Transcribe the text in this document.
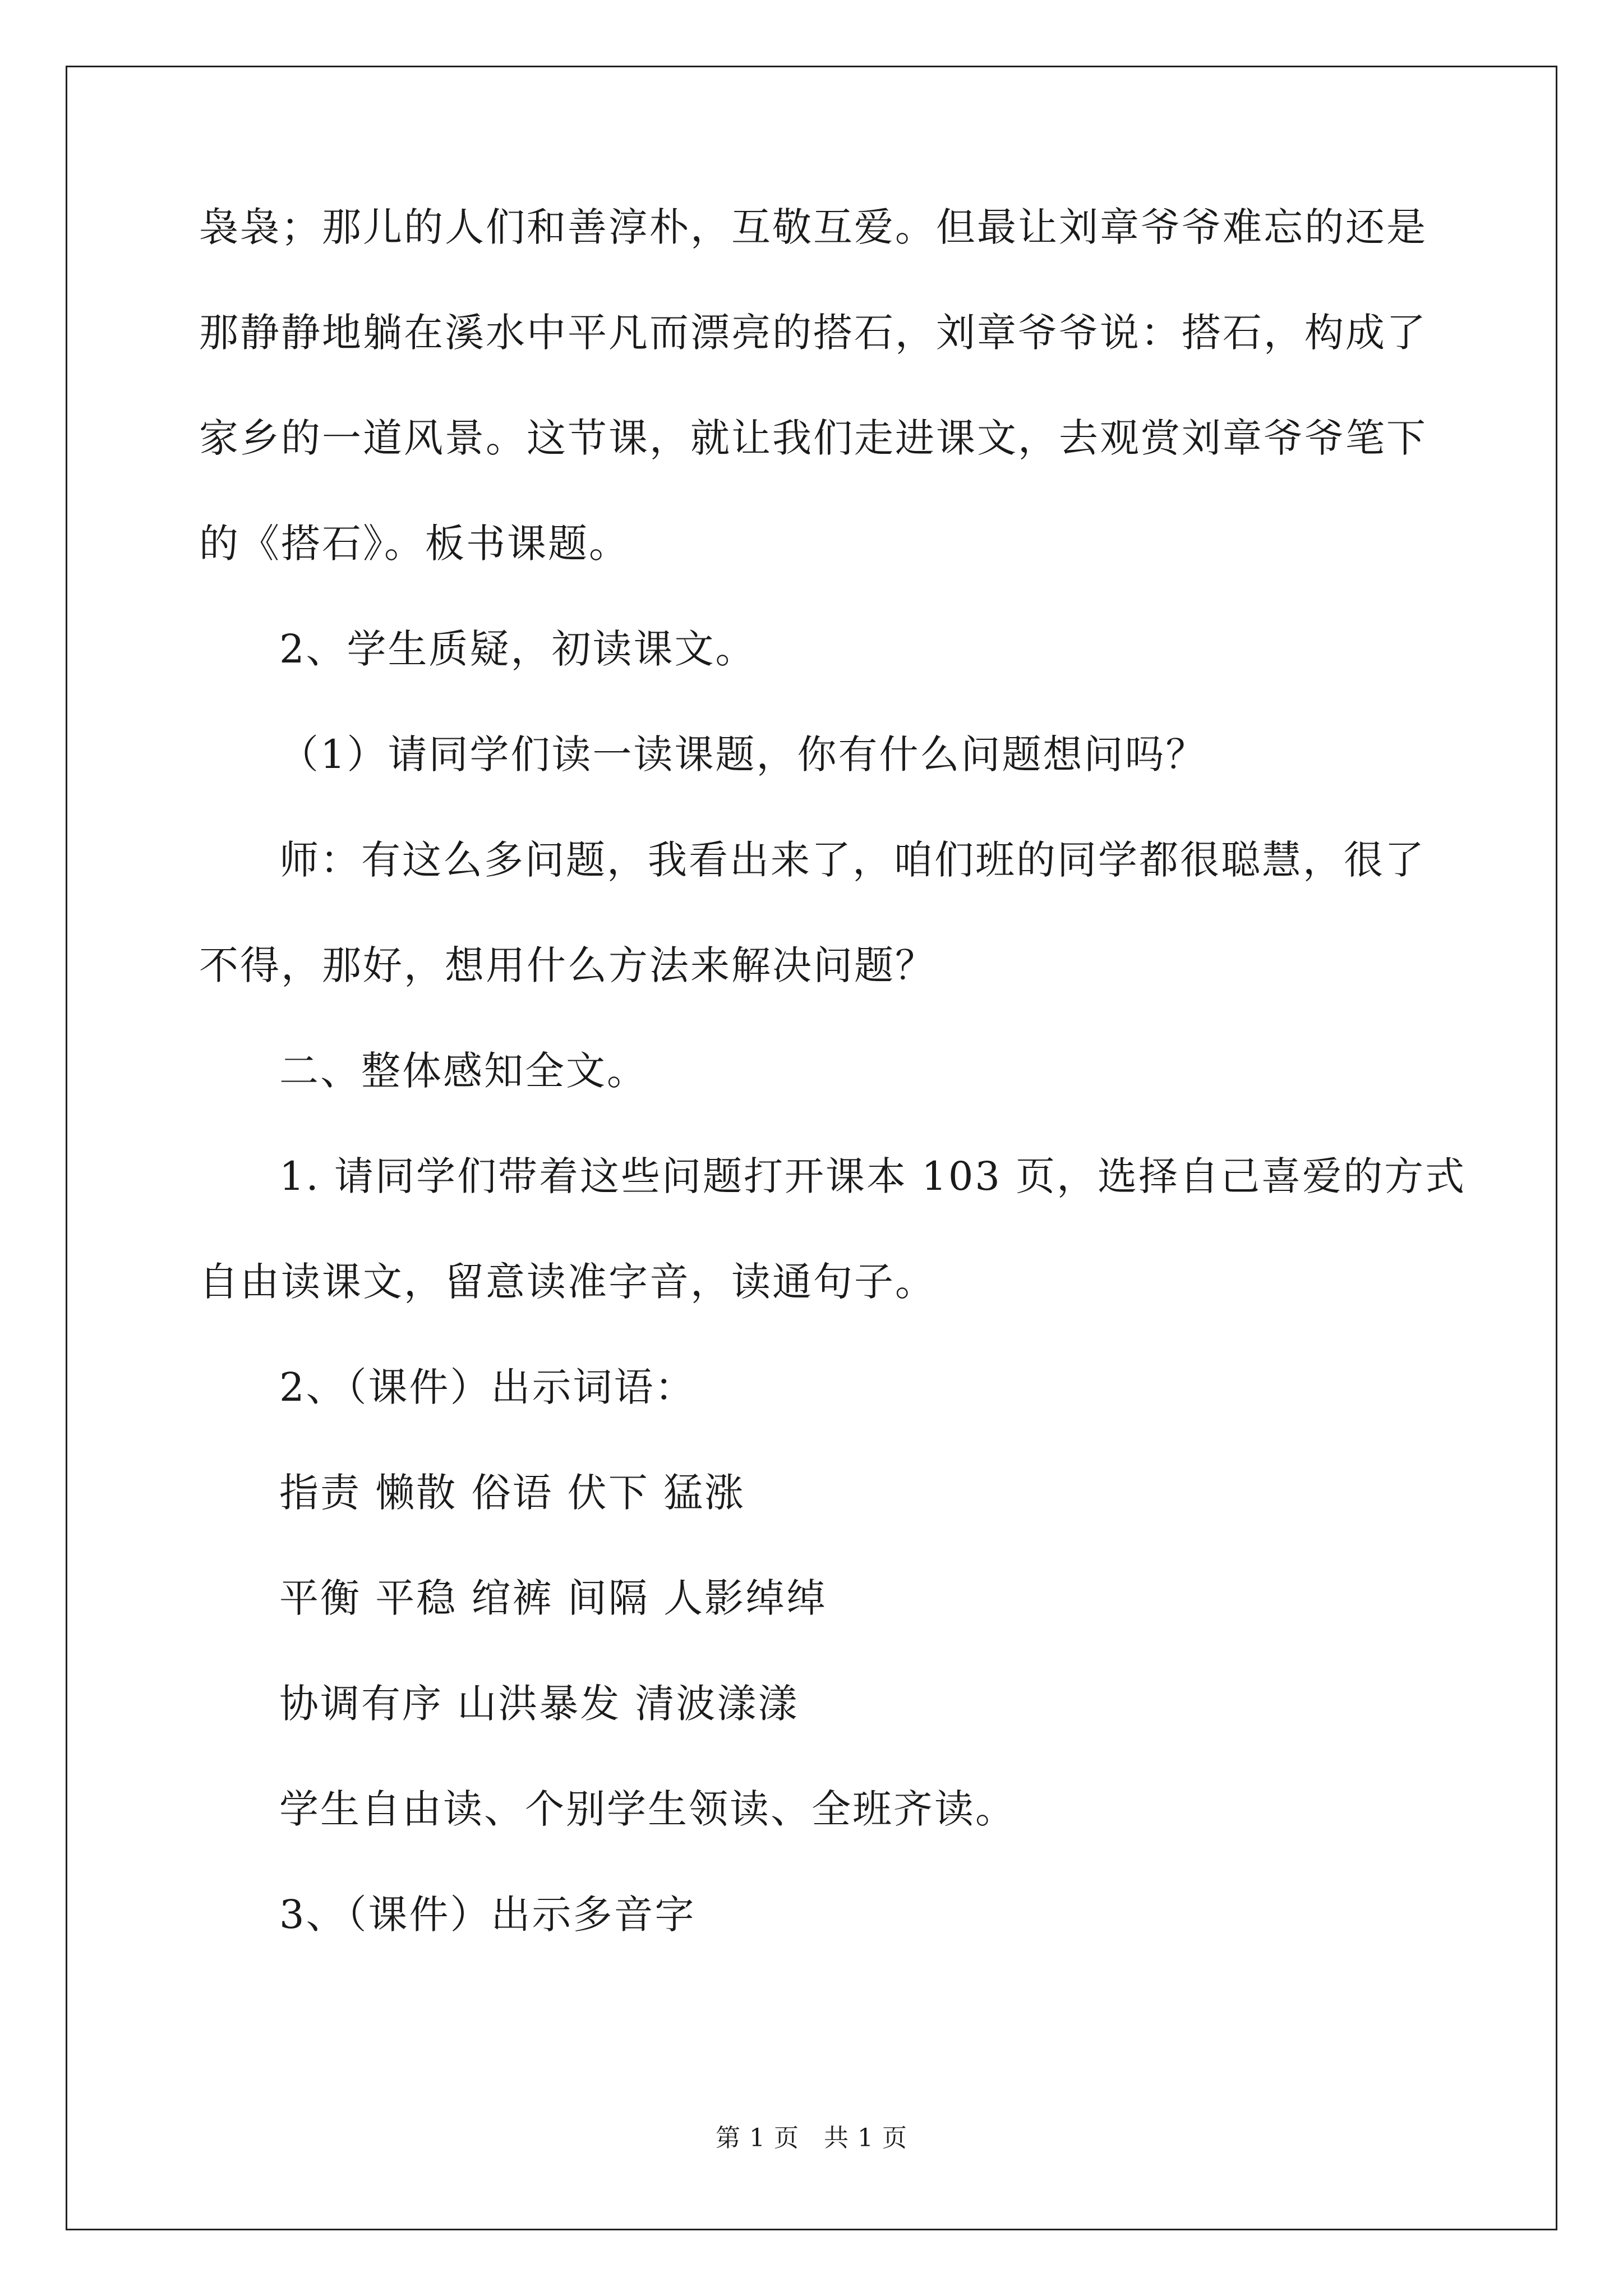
袅袅；那儿的人们和善淳朴，互敬互爱。但最让刘章爷爷难忘的还是
那静静地躺在溪水中平凡而漂亮的搭石，刘章爷爷说：搭石，构成了
家乡的一道风景。这节课，就让我们走进课文，去观赏刘章爷爷笔下
的《搭石》。板书课题。
2、学生质疑，初读课文。
（1）请同学们读一读课题，你有什么问题想问吗？
师：有这么多问题，我看出来了，咱们班的同学都很聪慧，很了
不得，那好，想用什么方法来解决问题？
二、整体感知全文。
1. 请同学们带着这些问题打开课本 103 页，选择自己喜爱的方式
自由读课文，留意读准字音，读通句子。
2、（课件）出示词语：
指责 懒散 俗语 伏下 猛涨
平衡 平稳 绾裤 间隔 人影绰绰
协调有序 山洪暴发 清波漾漾
学生自由读、个别学生领读、全班齐读。
3、（课件）出示多音字
第 1 页 共 1 页
